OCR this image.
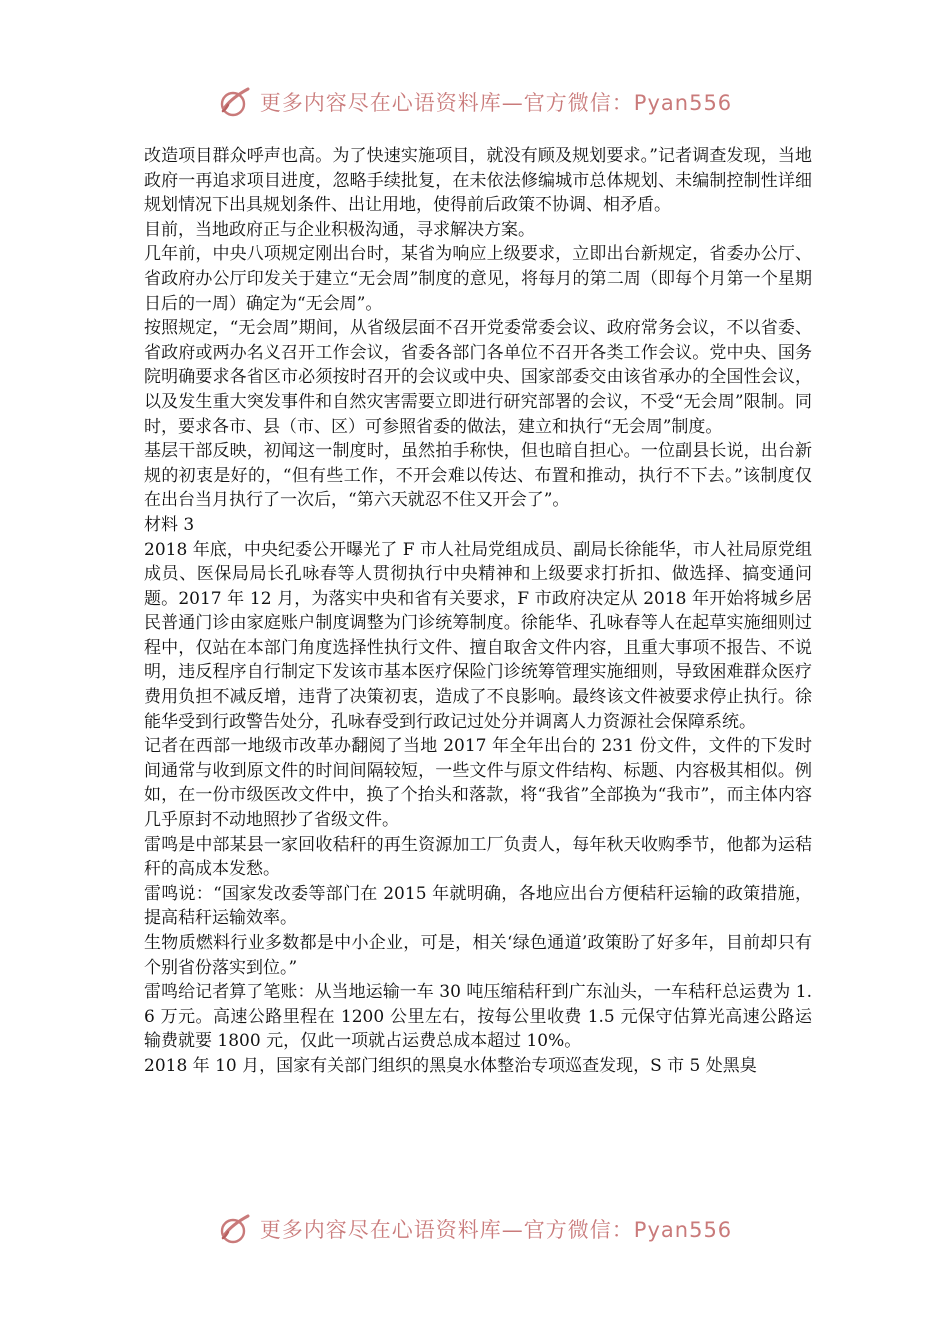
更多内容尽在心语资料库—官方微信：Pyan556

改造项目群众呼声也高。为了快速实施项目，就没有顾及规划要求。”记者调查发现，当地政府一再追求项目进度，忽略手续批复，在未依法修编城市总体规划、未编制控制性详细规划情况下出具规划条件、出让用地，使得前后政策不协调、相矛盾。

目前，当地政府正与企业积极沟通，寻求解决方案。

几年前，中央八项规定刚出台时，某省为响应上级要求，立即出台新规定，省委办公厅、省政府办公厅印发关于建立“无会周”制度的意见，将每月的第二周（即每个月第一个星期日后的一周）确定为“无会周”。

按照规定，“无会周”期间，从省级层面不召开党委常委会议、政府常务会议，不以省委、省政府或两办名义召开工作会议，省委各部门各单位不召开各类工作会议。党中央、国务院明确要求各省区市必须按时召开的会议或中央、国家部委交由该省承办的全国性会议，以及发生重大突发事件和自然灾害需要立即进行研究部署的会议，不受“无会周”限制。同时，要求各市、县（市、区）可参照省委的做法，建立和执行“无会周”制度。

基层干部反映，初闻这一制度时，虽然拍手称快，但也暗自担心。一位副县长说，出台新规的初衷是好的，“但有些工作，不开会难以传达、布置和推动，执行不下去。”该制度仅在出台当月执行了一次后，“第六天就忍不住又开会了”。

材料 3

2018 年底，中央纪委公开曝光了 F 市人社局党组成员、副局长徐能华，市人社局原党组成员、医保局局长孔咏春等人贯彻执行中央精神和上级要求打折扣、做选择、搞变通问题。2017 年 12 月，为落实中央和省有关要求，F 市政府决定从 2018 年开始将城乡居民普通门诊由家庭账户制度调整为门诊统筹制度。徐能华、孔咏春等人在起草实施细则过程中，仅站在本部门角度选择性执行文件、擅自取舍文件内容，且重大事项不报告、不说明，违反程序自行制定下发该市基本医疗保险门诊统筹管理实施细则，导致困难群众医疗费用负担不减反增，违背了决策初衷，造成了不良影响。最终该文件被要求停止执行。徐能华受到行政警告处分，孔咏春受到行政记过处分并调离人力资源社会保障系统。

记者在西部一地级市改革办翻阅了当地 2017 年全年出台的 231 份文件，文件的下发时间通常与收到原文件的时间间隔较短，一些文件与原文件结构、标题、内容极其相似。例如，在一份市级医改文件中，换了个抬头和落款，将“我省”全部换为“我市”，而主体内容几乎原封不动地照抄了省级文件。

雷鸣是中部某县一家回收秸秆的再生资源加工厂负责人，每年秋天收购季节，他都为运秸秆的高成本发愁。

雷鸣说：“国家发改委等部门在 2015 年就明确，各地应出台方便秸秆运输的政策措施，提高秸秆运输效率。

生物质燃料行业多数都是中小企业，可是，相关‘绿色通道’政策盼了好多年，目前却只有个别省份落实到位。”

雷鸣给记者算了笔账：从当地运输一车 30 吨压缩秸秆到广东汕头，一车秸秆总运费为 1.6 万元。高速公路里程在 1200 公里左右，按每公里收费 1.5 元保守估算光高速公路运输费就要 1800 元，仅此一项就占运费总成本超过 10%。

2018 年 10 月，国家有关部门组织的黑臭水体整治专项巡查发现，S 市 5 处黑臭

更多内容尽在心语资料库—官方微信：Pyan556
